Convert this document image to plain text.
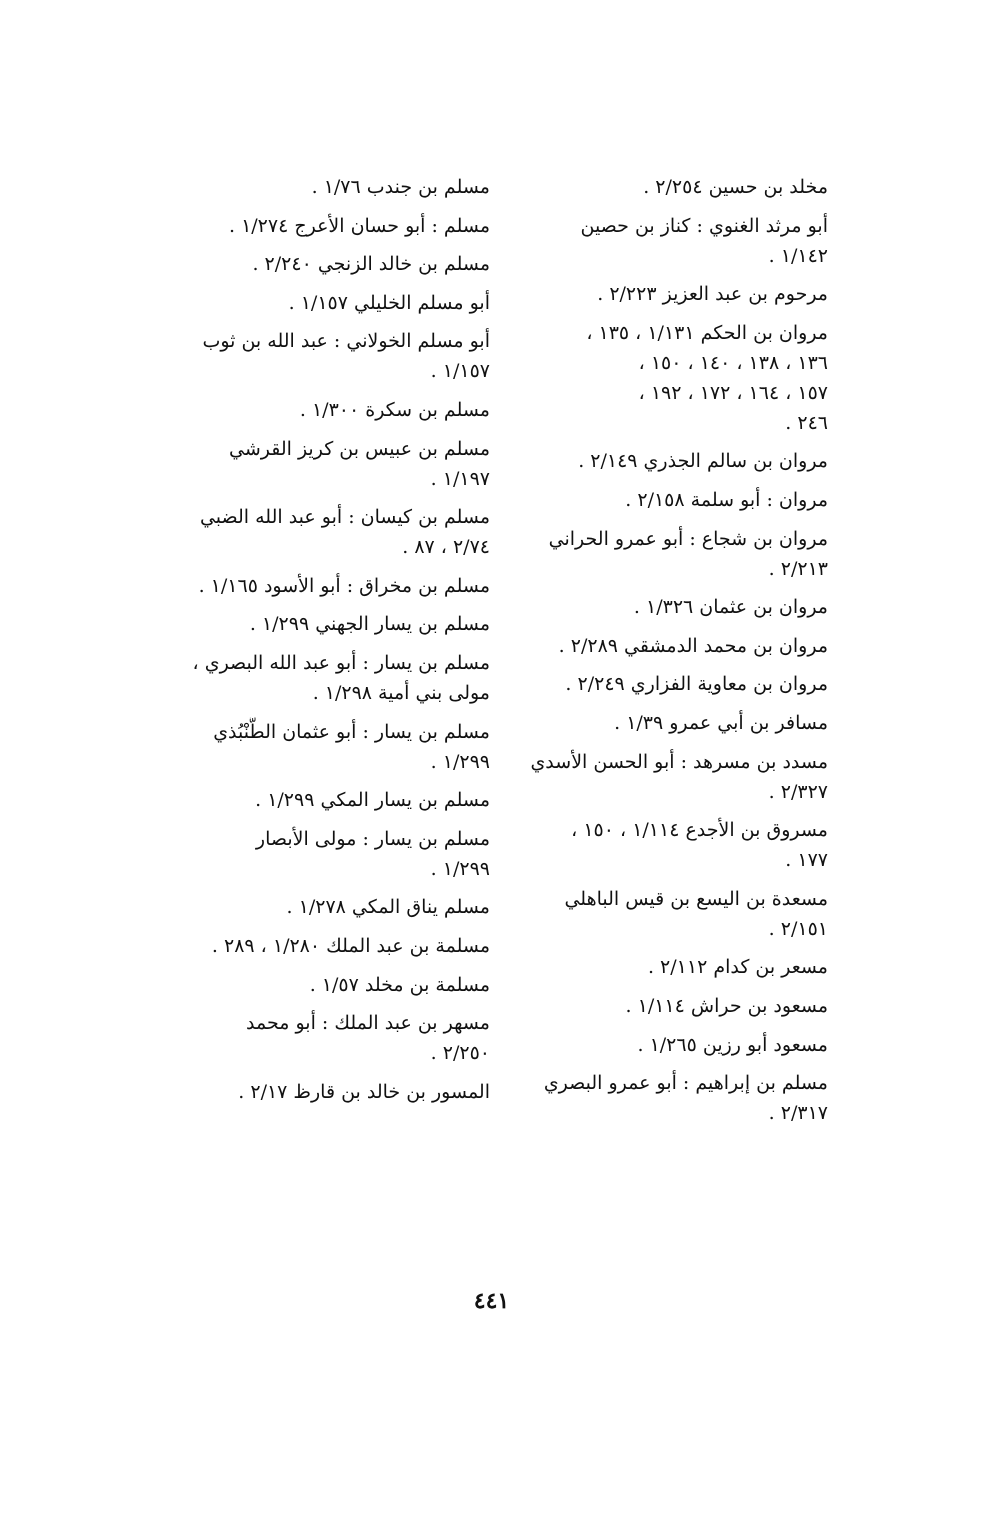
مخلد بن حسين ٢/٢٥٤ .
أبو مرثد الغنوي : كناز بن حصين
١/١٤٢ .
مرحوم بن عبد العزيز ٢/٢٢٣ .
مروان بن الحكم ١/١٣١ ، ١٣٥ ،
١٣٦ ، ١٣٨ ، ١٤٠ ، ١٥٠ ،
١٥٧ ، ١٦٤ ، ١٧٢ ، ١٩٢ ،
٢٤٦ .
مروان بن سالم الجذري ٢/١٤٩ .
مروان : أبو سلمة ٢/١٥٨ .
مروان بن شجاع : أبو عمرو الحراني
٢/٢١٣ .
مروان بن عثمان ١/٣٢٦ .
مروان بن محمد الدمشقي ٢/٢٨٩ .
مروان بن معاوية الفزاري ٢/٢٤٩ .
مسافر بن أبي عمرو ١/٣٩ .
مسدد بن مسرهد : أبو الحسن الأسدي
٢/٣٢٧ .
مسروق بن الأجدع ١/١١٤ ، ١٥٠ ،
١٧٧ .
مسعدة بن اليسع بن قيس الباهلي
٢/١٥١ .
مسعر بن كدام ٢/١١٢ .
مسعود بن حراش ١/١١٤ .
مسعود أبو رزين ١/٢٦٥ .
مسلم بن إبراهيم : أبو عمرو البصري
٢/٣١٧ .
مسلم بن جندب ١/٧٦ .
مسلم : أبو حسان الأعرج ١/٢٧٤ .
مسلم بن خالد الزنجي ٢/٢٤٠ .
أبو مسلم الخليلي ١/١٥٧ .
أبو مسلم الخولاني : عبد الله بن ثوب
١/١٥٧ .
مسلم بن سكرة ١/٣٠٠ .
مسلم بن عبيس بن كريز القرشي
١/١٩٧ .
مسلم بن كيسان : أبو عبد الله الضبي
٢/٧٤ ، ٨٧ .
مسلم بن مخراق : أبو الأسود ١/١٦٥ .
مسلم بن يسار الجهني ١/٢٩٩ .
مسلم بن يسار : أبو عبد الله البصري ،
مولى بني أمية ١/٢٩٨ .
مسلم بن يسار : أبو عثمان الطُّنْبُذي
١/٢٩٩ .
مسلم بن يسار المكي ١/٢٩٩ .
مسلم بن يسار : مولى الأبصار
١/٢٩٩ .
مسلم يناق المكي ١/٢٧٨ .
مسلمة بن عبد الملك ١/٢٨٠ ، ٢٨٩ .
مسلمة بن مخلد ١/٥٧ .
مسهر بن عبد الملك : أبو محمد
٢/٢٥٠ .
المسور بن خالد بن قارظ ٢/١٧ .
٤٤١
